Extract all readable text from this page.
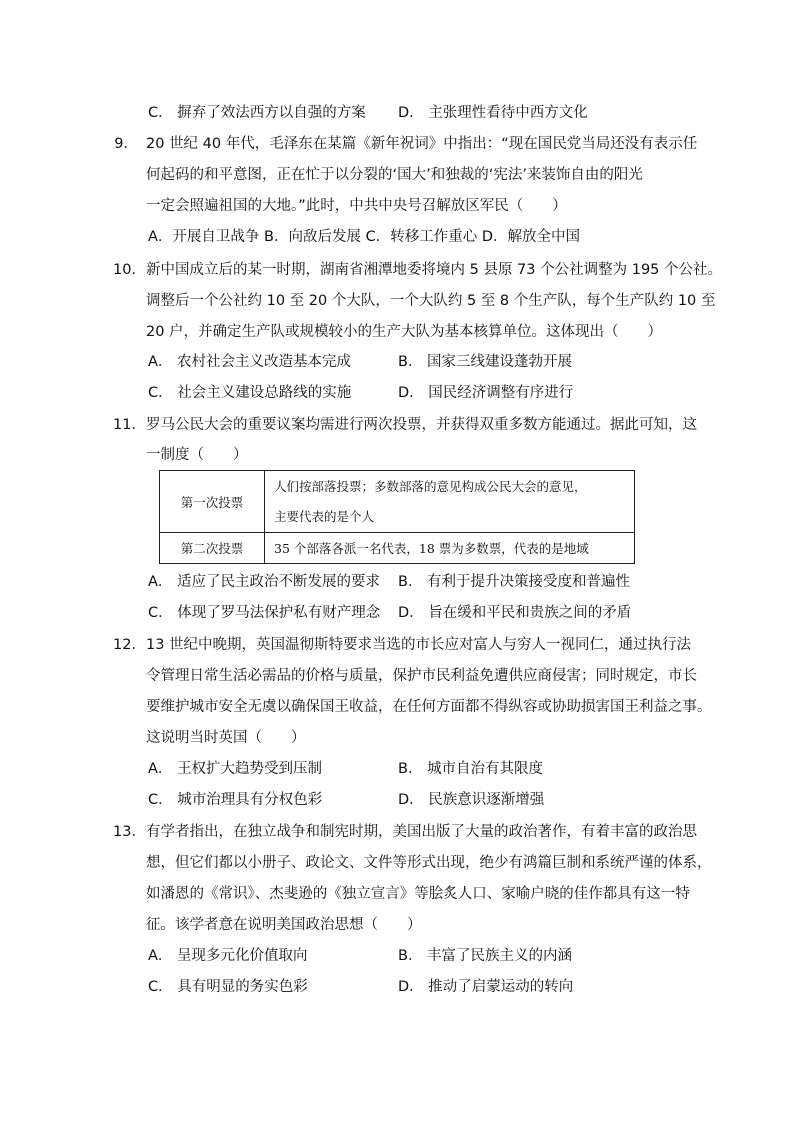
C． 摒弃了效法西方以自强的方案 D． 主张理性看待中西方文化
9． 20 世纪 40 年代，毛泽东在某篇《新年祝词》中指出：“现在国民党当局还没有表示任
何起码的和平意图，正在忙于以分裂的‘国大’和独裁的‘宪法’来装饰自由的阳光
一定会照遍祖国的大地。”此时，中共中央号召解放区军民（　　）
A．开展自卫战争 B．向敌后发展 C．转移工作重心 D．解放全中国
10． 新中国成立后的某一时期，湖南省湘潭地委将境内 5 县原 73 个公社调整为 195 个公社。
调整后一个公社约 10 至 20 个大队，一个大队约 5 至 8 个生产队，每个生产队约 10 至
20 户，并确定生产队或规模较小的生产大队为基本核算单位。这体现出（　　）
A． 农村社会主义改造基本完成	B． 国家三线建设蓬勃开展
C． 社会主义建设总路线的实施	D． 国民经济调整有序进行
11． 罗马公民大会的重要议案均需进行两次投票，并获得双重多数方能通过。据此可知，这
一制度（　　）
第一次投票	人们按部落投票；多数部落的意见构成公民大会的意见，
主要代表的是个人

第二次投票	35 个部落各派一名代表，18 票为多数票，代表的是地域
A． 适应了民主政治不断发展的要求 B． 有利于提升决策接受度和普遍性
C． 体现了罗马法保护私有财产理念 D． 旨在缓和平民和贵族之间的矛盾
12． 13 世纪中晚期，英国温彻斯特要求当选的市长应对富人与穷人一视同仁，通过执行法
令管理日常生活必需品的价格与质量，保护市民利益免遭供应商侵害；同时规定，市长
要维护城市安全无虞以确保国王收益，在任何方面都不得纵容或协助损害国王利益之事。
这说明当时英国（　　）
A． 王权扩大趋势受到压制	B． 城市自治有其限度
C． 城市治理具有分权色彩	D． 民族意识逐渐增强
13． 有学者指出，在独立战争和制宪时期，美国出版了大量的政治著作，有着丰富的政治思
想，但它们都以小册子、政论文、文件等形式出现，绝少有鸿篇巨制和系统严谨的体系，
如潘恩的《常识》、杰斐逊的《独立宣言》等脍炙人口、家喻户晓的佳作都具有这一特
征。该学者意在说明美国政治思想（　　）
A． 呈现多元化价值取向	B． 丰富了民族主义的内涵
C． 具有明显的务实色彩	D． 推动了启蒙运动的转向
